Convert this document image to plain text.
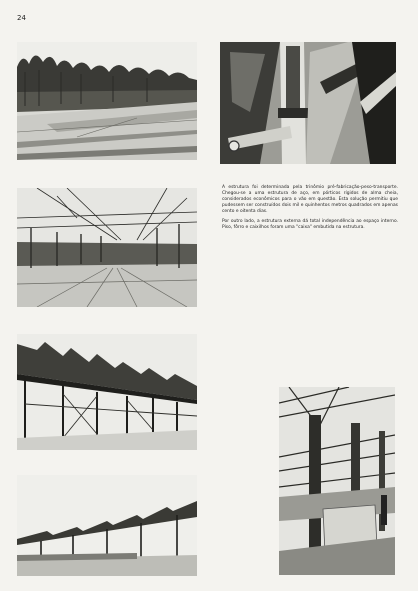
24

A estrutura foi determinada pela trinômio pré-fabricação-peso-transporte. Chegou-se a uma estrutura de aço, em pórticos rígidos de alma cheia, considerados econômicos para o vão em questão. Esta solução permitiu que pudessem ser construídos dois mil e quinhentos metros quadrados em apenas cento e oitenta dias.

Por outro lado, a estrutura externa dá total independência ao espaço interno. Piso, fôrro e caixilhos foram uma "caixa" embutida na estrutura.
